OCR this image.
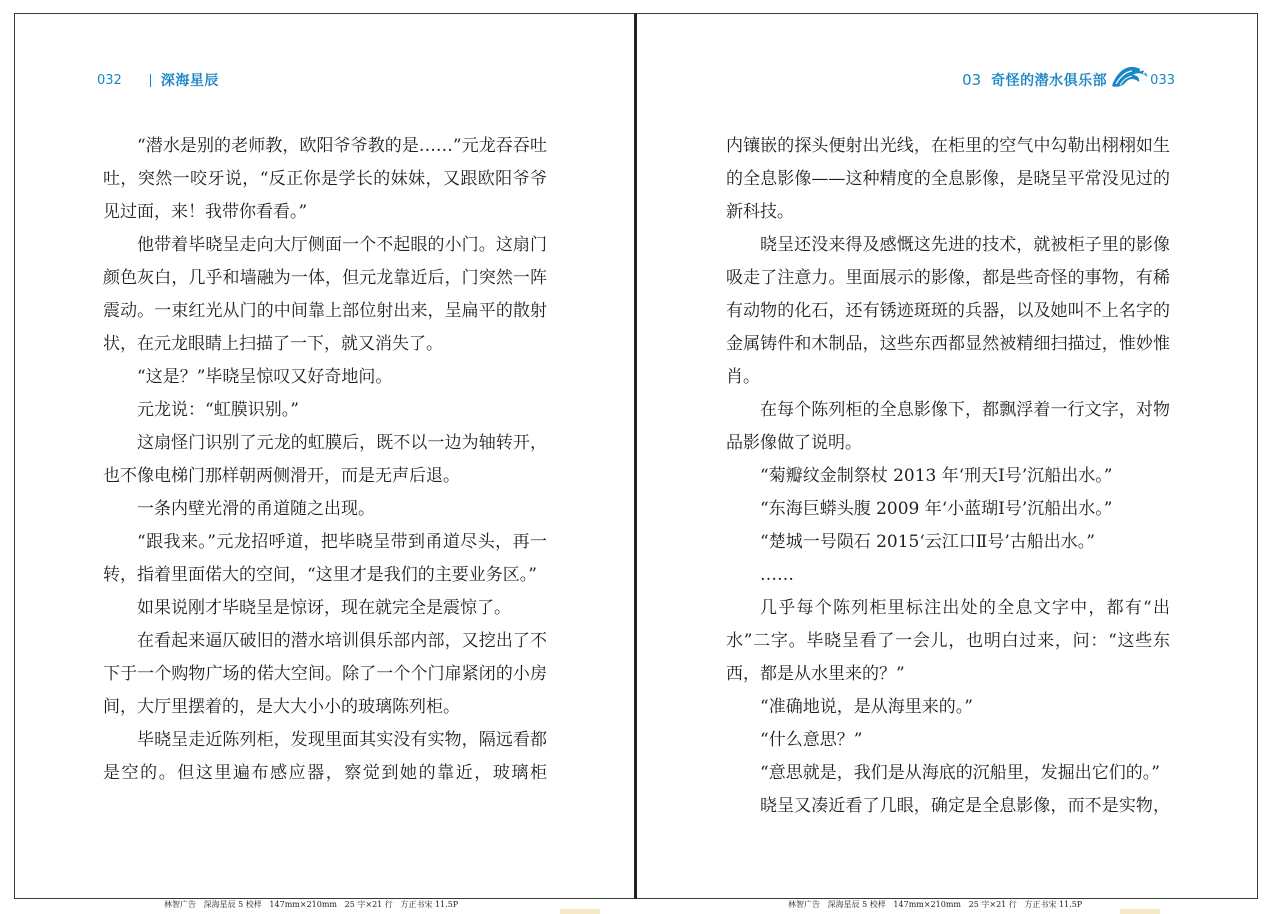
032	深海星辰

“潜水是别的老师教，欧阳爷爷教的是……”元龙吞吞吐吐，突然一咬牙说，“反正你是学长的妹妹，又跟欧阳爷爷见过面，来！我带你看看。”

他带着毕晓呈走向大厅侧面一个不起眼的小门。这扇门颜色灰白，几乎和墙融为一体，但元龙靠近后，门突然一阵震动。一束红光从门的中间靠上部位射出来，呈扁平的散射状，在元龙眼睛上扫描了一下，就又消失了。

“这是？”毕晓呈惊叹又好奇地问。

元龙说：“虹膜识别。”

这扇怪门识别了元龙的虹膜后，既不以一边为轴转开，也不像电梯门那样朝两侧滑开，而是无声后退。

一条内壁光滑的甬道随之出现。

“跟我来。”元龙招呼道，把毕晓呈带到甬道尽头，再一转，指着里面偌大的空间，“这里才是我们的主要业务区。”

如果说刚才毕晓呈是惊讶，现在就完全是震惊了。

在看起来逼仄破旧的潜水培训俱乐部内部，又挖出了不下于一个购物广场的偌大空间。除了一个个门扉紧闭的小房间，大厅里摆着的，是大大小小的玻璃陈列柜。

毕晓呈走近陈列柜，发现里面其实没有实物，隔远看都是空的。但这里遍布感应器，察觉到她的靠近，玻璃柜

03 奇怪的潜水俱乐部	033

内镶嵌的探头便射出光线，在柜里的空气中勾勒出栩栩如生的全息影像——这种精度的全息影像，是晓呈平常没见过的新科技。

晓呈还没来得及感慨这先进的技术，就被柜子里的影像吸走了注意力。里面展示的影像，都是些奇怪的事物，有稀有动物的化石，还有锈迹斑斑的兵器，以及她叫不上名字的金属铸件和木制品，这些东西都显然被精细扫描过，惟妙惟肖。

在每个陈列柜的全息影像下，都飘浮着一行文字，对物品影像做了说明。

“菊瓣纹金制祭杖 2013 年‘刑天Ⅰ号’沉船出水。”

“东海巨蟒头腹 2009 年‘小蓝瑚Ⅰ号’沉船出水。”

“楚城一号陨石 2015‘云江口Ⅱ号’古船出水。”

……

几乎每个陈列柜里标注出处的全息文字中，都有“出水”二字。毕晓呈看了一会儿，也明白过来，问：“这些东西，都是从水里来的？”

“准确地说，是从海里来的。”

“什么意思？”

“意思就是，我们是从海底的沉船里，发掘出它们的。”

晓呈又凑近看了几眼，确定是全息影像，而不是实物，

林智广告   深海星辰 5 校样   147mm×210mm   25 字×21 行   方正书宋 11.5P	林智广告   深海星辰 5 校样   147mm×210mm   25 字×21 行   方正书宋 11.5P
